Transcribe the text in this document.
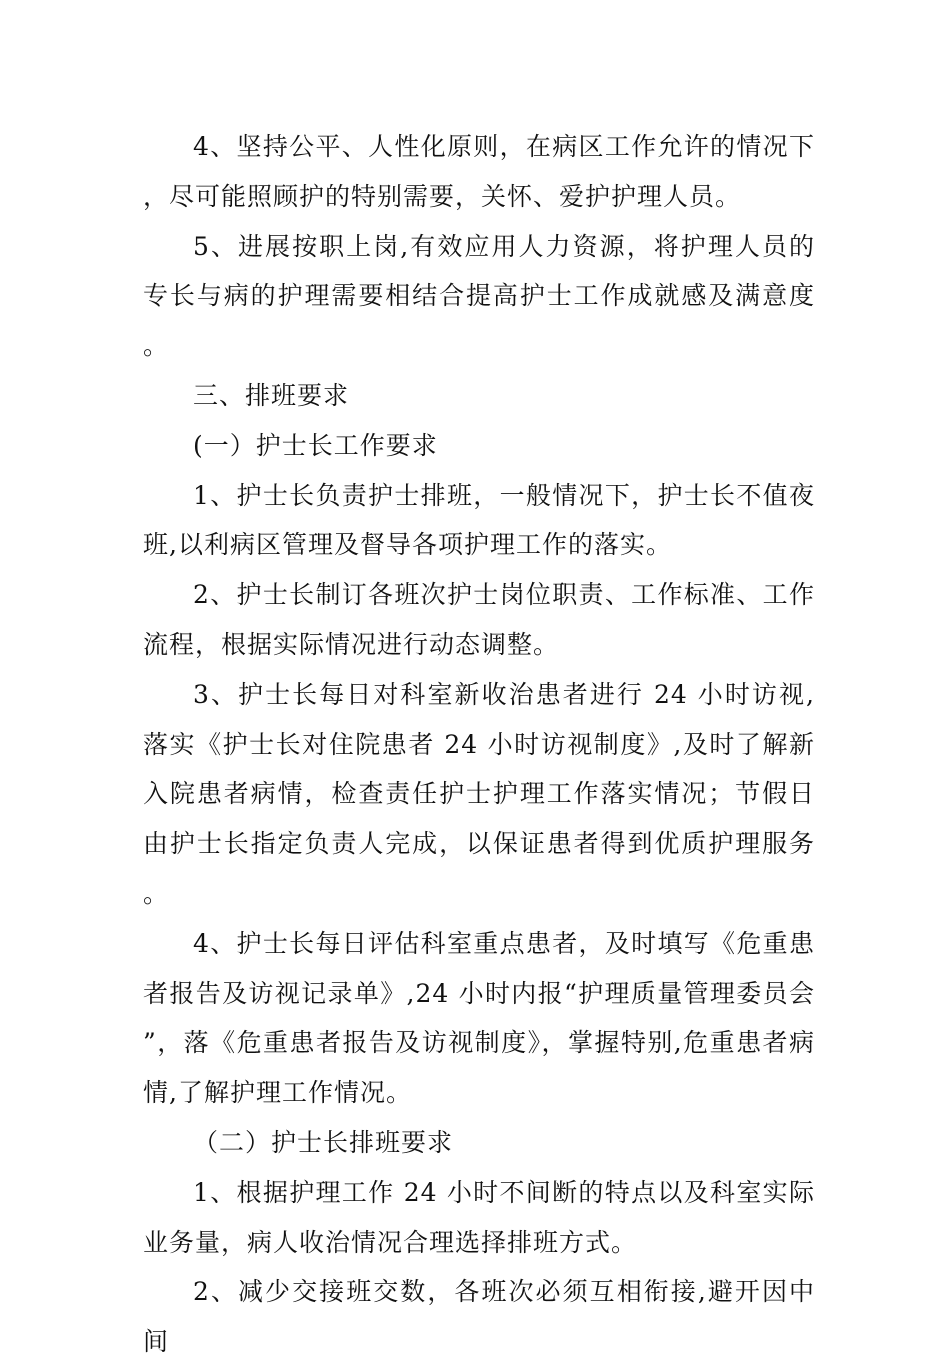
4、坚持公平、人性化原则，在病区工作允许的情况下，尽可能照顾护的特别需要，关怀、爱护护理人员。

5、进展按职上岗,有效应用人力资源，将护理人员的专长与病的护理需要相结合提高护士工作成就感及满意度。

三、排班要求

(一）护士长工作要求

1、护士长负责护士排班，一般情况下，护士长不值夜班,以利病区管理及督导各项护理工作的落实。

2、护士长制订各班次护士岗位职责、工作标准、工作流程，根据实际情况进行动态调整。

3、护士长每日对科室新收治患者进行 24 小时访视,落实《护士长对住院患者 24 小时访视制度》,及时了解新入院患者病情，检查责任护士护理工作落实情况；节假日由护士长指定负责人完成，以保证患者得到优质护理服务。

4、护士长每日评估科室重点患者，及时填写《危重患者报告及访视记录单》,24 小时内报“护理质量管理委员会”，落《危重患者报告及访视制度》，掌握特别,危重患者病情,了解护理工作情况。

（二）护士长排班要求

1、根据护理工作 24 小时不间断的特点以及科室实际业务量，病人收治情况合理选择排班方式。

2、减少交接班交数，各班次必须互相衔接,避开因中间
